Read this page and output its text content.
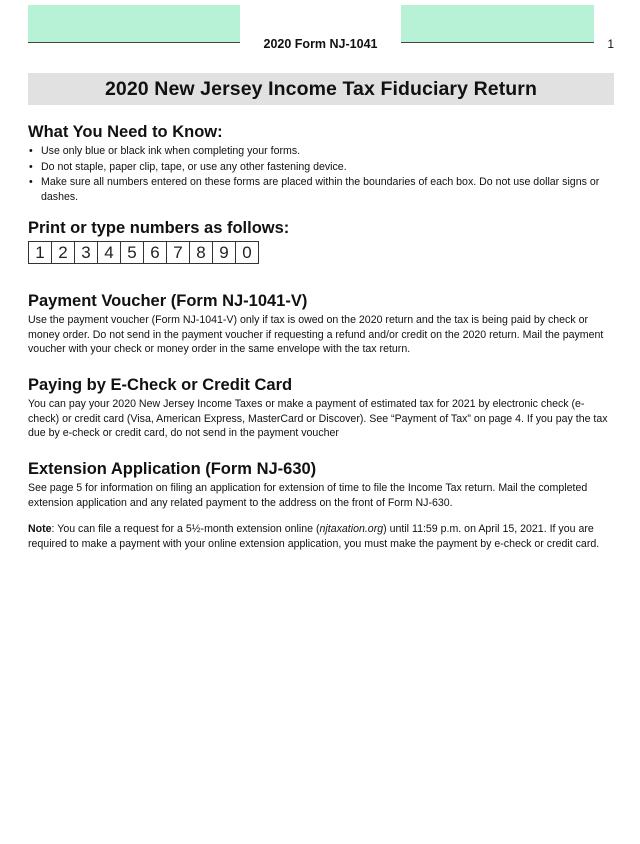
2020 Form NJ-1041	1
2020 New Jersey Income Tax Fiduciary Return
What You Need to Know:
• Use only blue or black ink when completing your forms.
• Do not staple, paper clip, tape, or use any other fastening device.
• Make sure all numbers entered on these forms are placed within the boundaries of each box. Do not use dollar signs or dashes.
Print or type numbers as follows:
1 2 3 4 5 6 7 8 9 0
Payment Voucher (Form NJ-1041-V)

Use the payment voucher (Form NJ-1041-V) only if tax is owed on the 2020 return and the tax is being paid by check or money order. Do not send in the payment voucher if requesting a refund and/or credit on the 2020 return. Mail the payment voucher with your check or money order in the same envelope with the tax return.

Paying by E-Check or Credit Card

You can pay your 2020 New Jersey Income Taxes or make a payment of estimated tax for 2021 by electronic check (e-check) or credit card (Visa, American Express, MasterCard or Discover). See “Payment of Tax” on page 4. If you pay the tax due by e-check or credit card, do not send in the payment voucher

Extension Application (Form NJ-630)

See page 5 for information on filing an application for extension of time to file the Income Tax return. Mail the completed extension application and any related payment to the address on the front of Form NJ-630.

Note: You can file a request for a 5½-month extension online (njtaxation.org) until 11:59 p.m. on April 15, 2021. If you are required to make a payment with your online extension application, you must make the payment by e-check or credit card.
